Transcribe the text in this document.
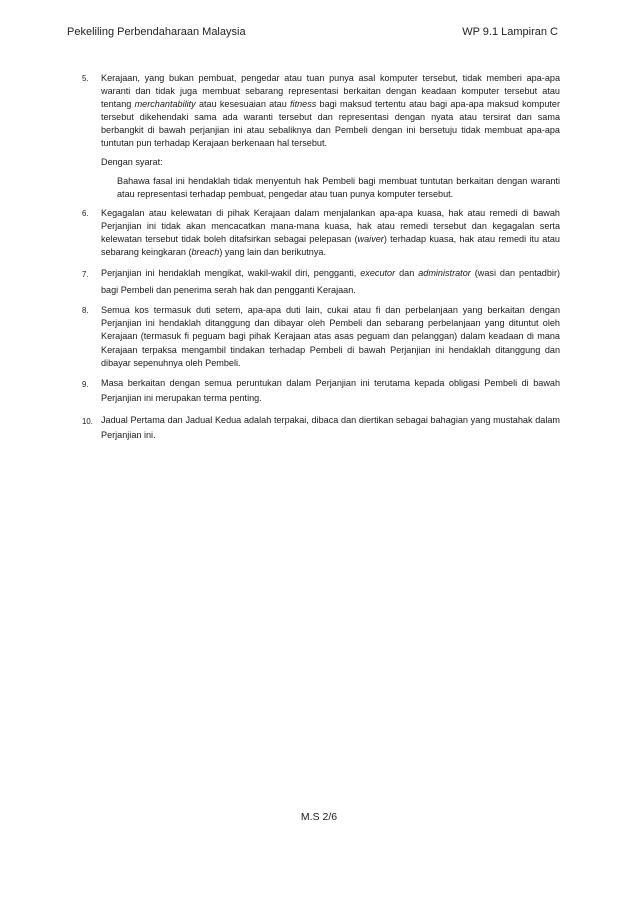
Pekeliling Perbendaharaan Malaysia	WP 9.1 Lampiran C
5.	Kerajaan, yang bukan pembuat, pengedar atau tuan punya asal komputer tersebut, tidak memberi apa-apa waranti dan tidak juga membuat sebarang representasi berkaitan dengan keadaan komputer tersebut atau tentang merchantability atau kesesuaian atau fitness bagi maksud tertentu atau bagi apa-apa maksud komputer tersebut dikehendaki sama ada waranti tersebut dan representasi dengan nyata atau tersirat dan sama berbangkit di bawah perjanjian ini atau sebaliknya dan Pembeli dengan ini bersetuju tidak membuat apa-apa tuntutan pun terhadap Kerajaan berkenaan hal tersebut.
Dengan syarat:
Bahawa fasal ini hendaklah tidak menyentuh hak Pembeli bagi membuat tuntutan berkaitan dengan waranti atau representasi terhadap pembuat, pengedar atau tuan punya komputer tersebut.
6.	Kegagalan atau kelewatan di pihak Kerajaan dalam menjalankan apa-apa kuasa, hak atau remedi di bawah Perjanjian ini tidak akan mencacatkan mana-mana kuasa, hak atau remedi tersebut dan kegagalan serta kelewatan tersebut tidak boleh ditafsirkan sebagai pelepasan (waiver) terhadap kuasa, hak atau remedi itu atau sebarang keingkaran (breach) yang lain dan berikutnya.
7.	Perjanjian ini hendaklah mengikat, wakil-wakil diri, pengganti, executor dan administrator (wasi dan pentadbir) bagi Pembeli dan penerima serah hak dan pengganti Kerajaan.
8.	Semua kos termasuk duti setem, apa-apa duti lain, cukai atau fi dan perbelanjaan yang berkaitan dengan Perjanjian ini hendaklah ditanggung dan dibayar oleh Pembeli dan sebarang perbelanjaan yang dituntut oleh Kerajaan (termasuk fi peguam bagi pihak Kerajaan atas asas peguam dan pelanggan) dalam keadaan di mana Kerajaan terpaksa mengambil tindakan terhadap Pembeli di bawah Perjanjian ini hendaklah ditanggung dan dibayar sepenuhnya oleh Pembeli.
9.	Masa berkaitan dengan semua peruntukan dalam Perjanjian ini terutama kepada obligasi Pembeli di bawah Perjanjian ini merupakan terma penting.
10. Jadual Pertama dan Jadual Kedua adalah terpakai, dibaca dan diertikan sebagai bahagian yang mustahak dalam Perjanjian ini.
M.S 2/6
